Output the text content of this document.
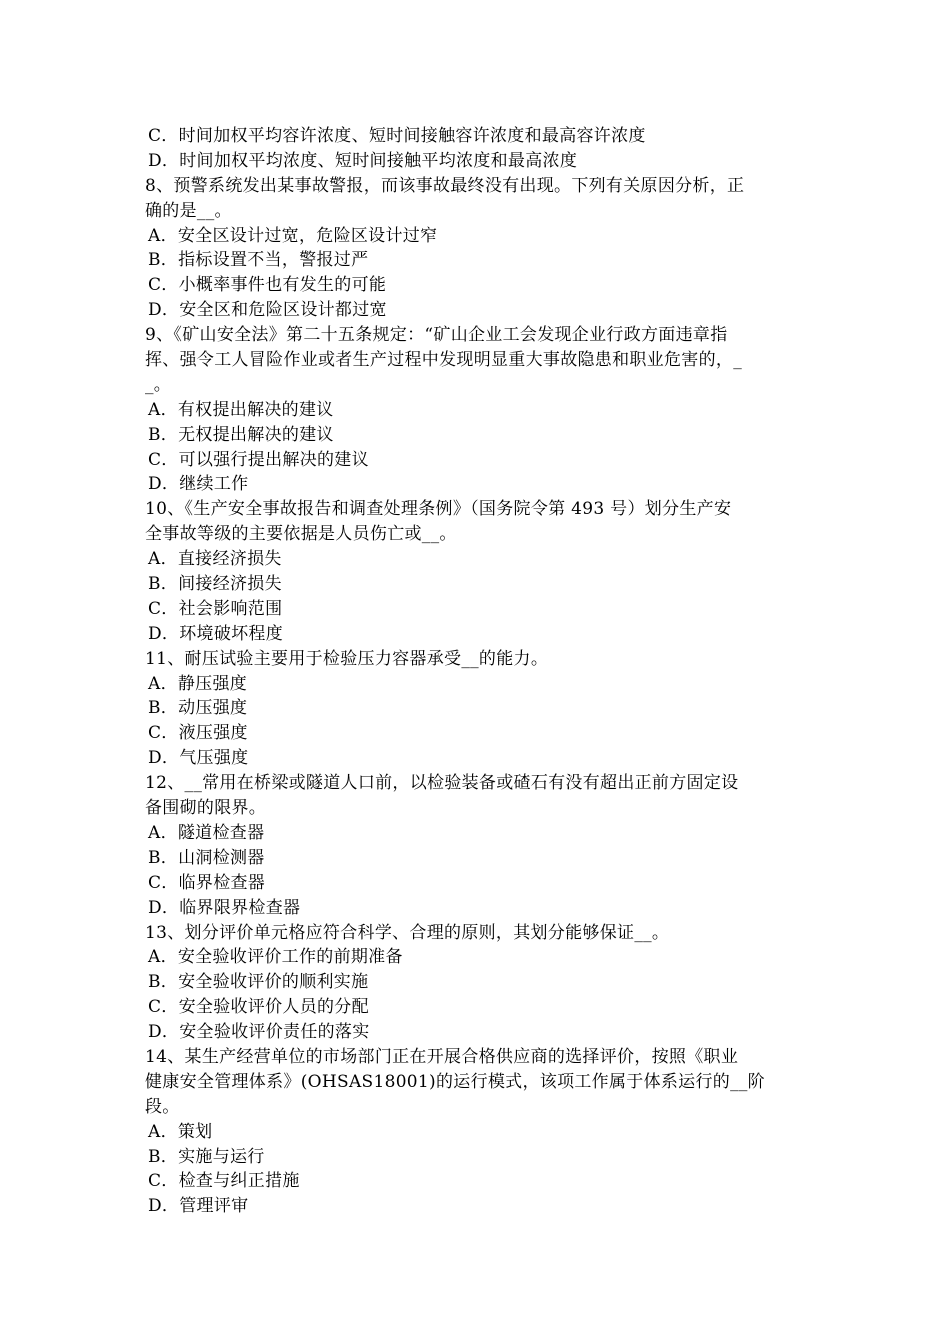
C．时间加权平均容许浓度、短时间接触容许浓度和最高容许浓度
D．时间加权平均浓度、短时间接触平均浓度和最高浓度
8、预警系统发出某事故警报，而该事故最终没有出现。下列有关原因分析，正
确的是__。
A．安全区设计过宽，危险区设计过窄
B．指标设置不当，警报过严
C．小概率事件也有发生的可能
D．安全区和危险区设计都过宽
9、《矿山安全法》第二十五条规定：“矿山企业工会发现企业行政方面违章指
挥、强令工人冒险作业或者生产过程中发现明显重大事故隐患和职业危害的，_
_。
A．有权提出解决的建议
B．无权提出解决的建议
C．可以强行提出解决的建议
D．继续工作
10、《生产安全事故报告和调查处理条例》（国务院令第 493 号）划分生产安
全事故等级的主要依据是人员伤亡或__。
A．直接经济损失
B．间接经济损失
C．社会影响范围
D．环境破坏程度
11、耐压试验主要用于检验压力容器承受__的能力。
A．静压强度
B．动压强度
C．液压强度
D．气压强度
12、__常用在桥梁或隧道人口前，以检验装备或碴石有没有超出正前方固定设
备围砌的限界。
A．隧道检查器
B．山洞检测器
C．临界检查器
D．临界限界检查器
13、划分评价单元格应符合科学、合理的原则，其划分能够保证__。
A．安全验收评价工作的前期准备
B．安全验收评价的顺利实施
C．安全验收评价人员的分配
D．安全验收评价责任的落实
14、某生产经营单位的市场部门正在开展合格供应商的选择评价，按照《职业
健康安全管理体系》(OHSAS18001)的运行模式，该项工作属于体系运行的__阶
段。
A．策划
B．实施与运行
C．检查与纠正措施
D．管理评审
